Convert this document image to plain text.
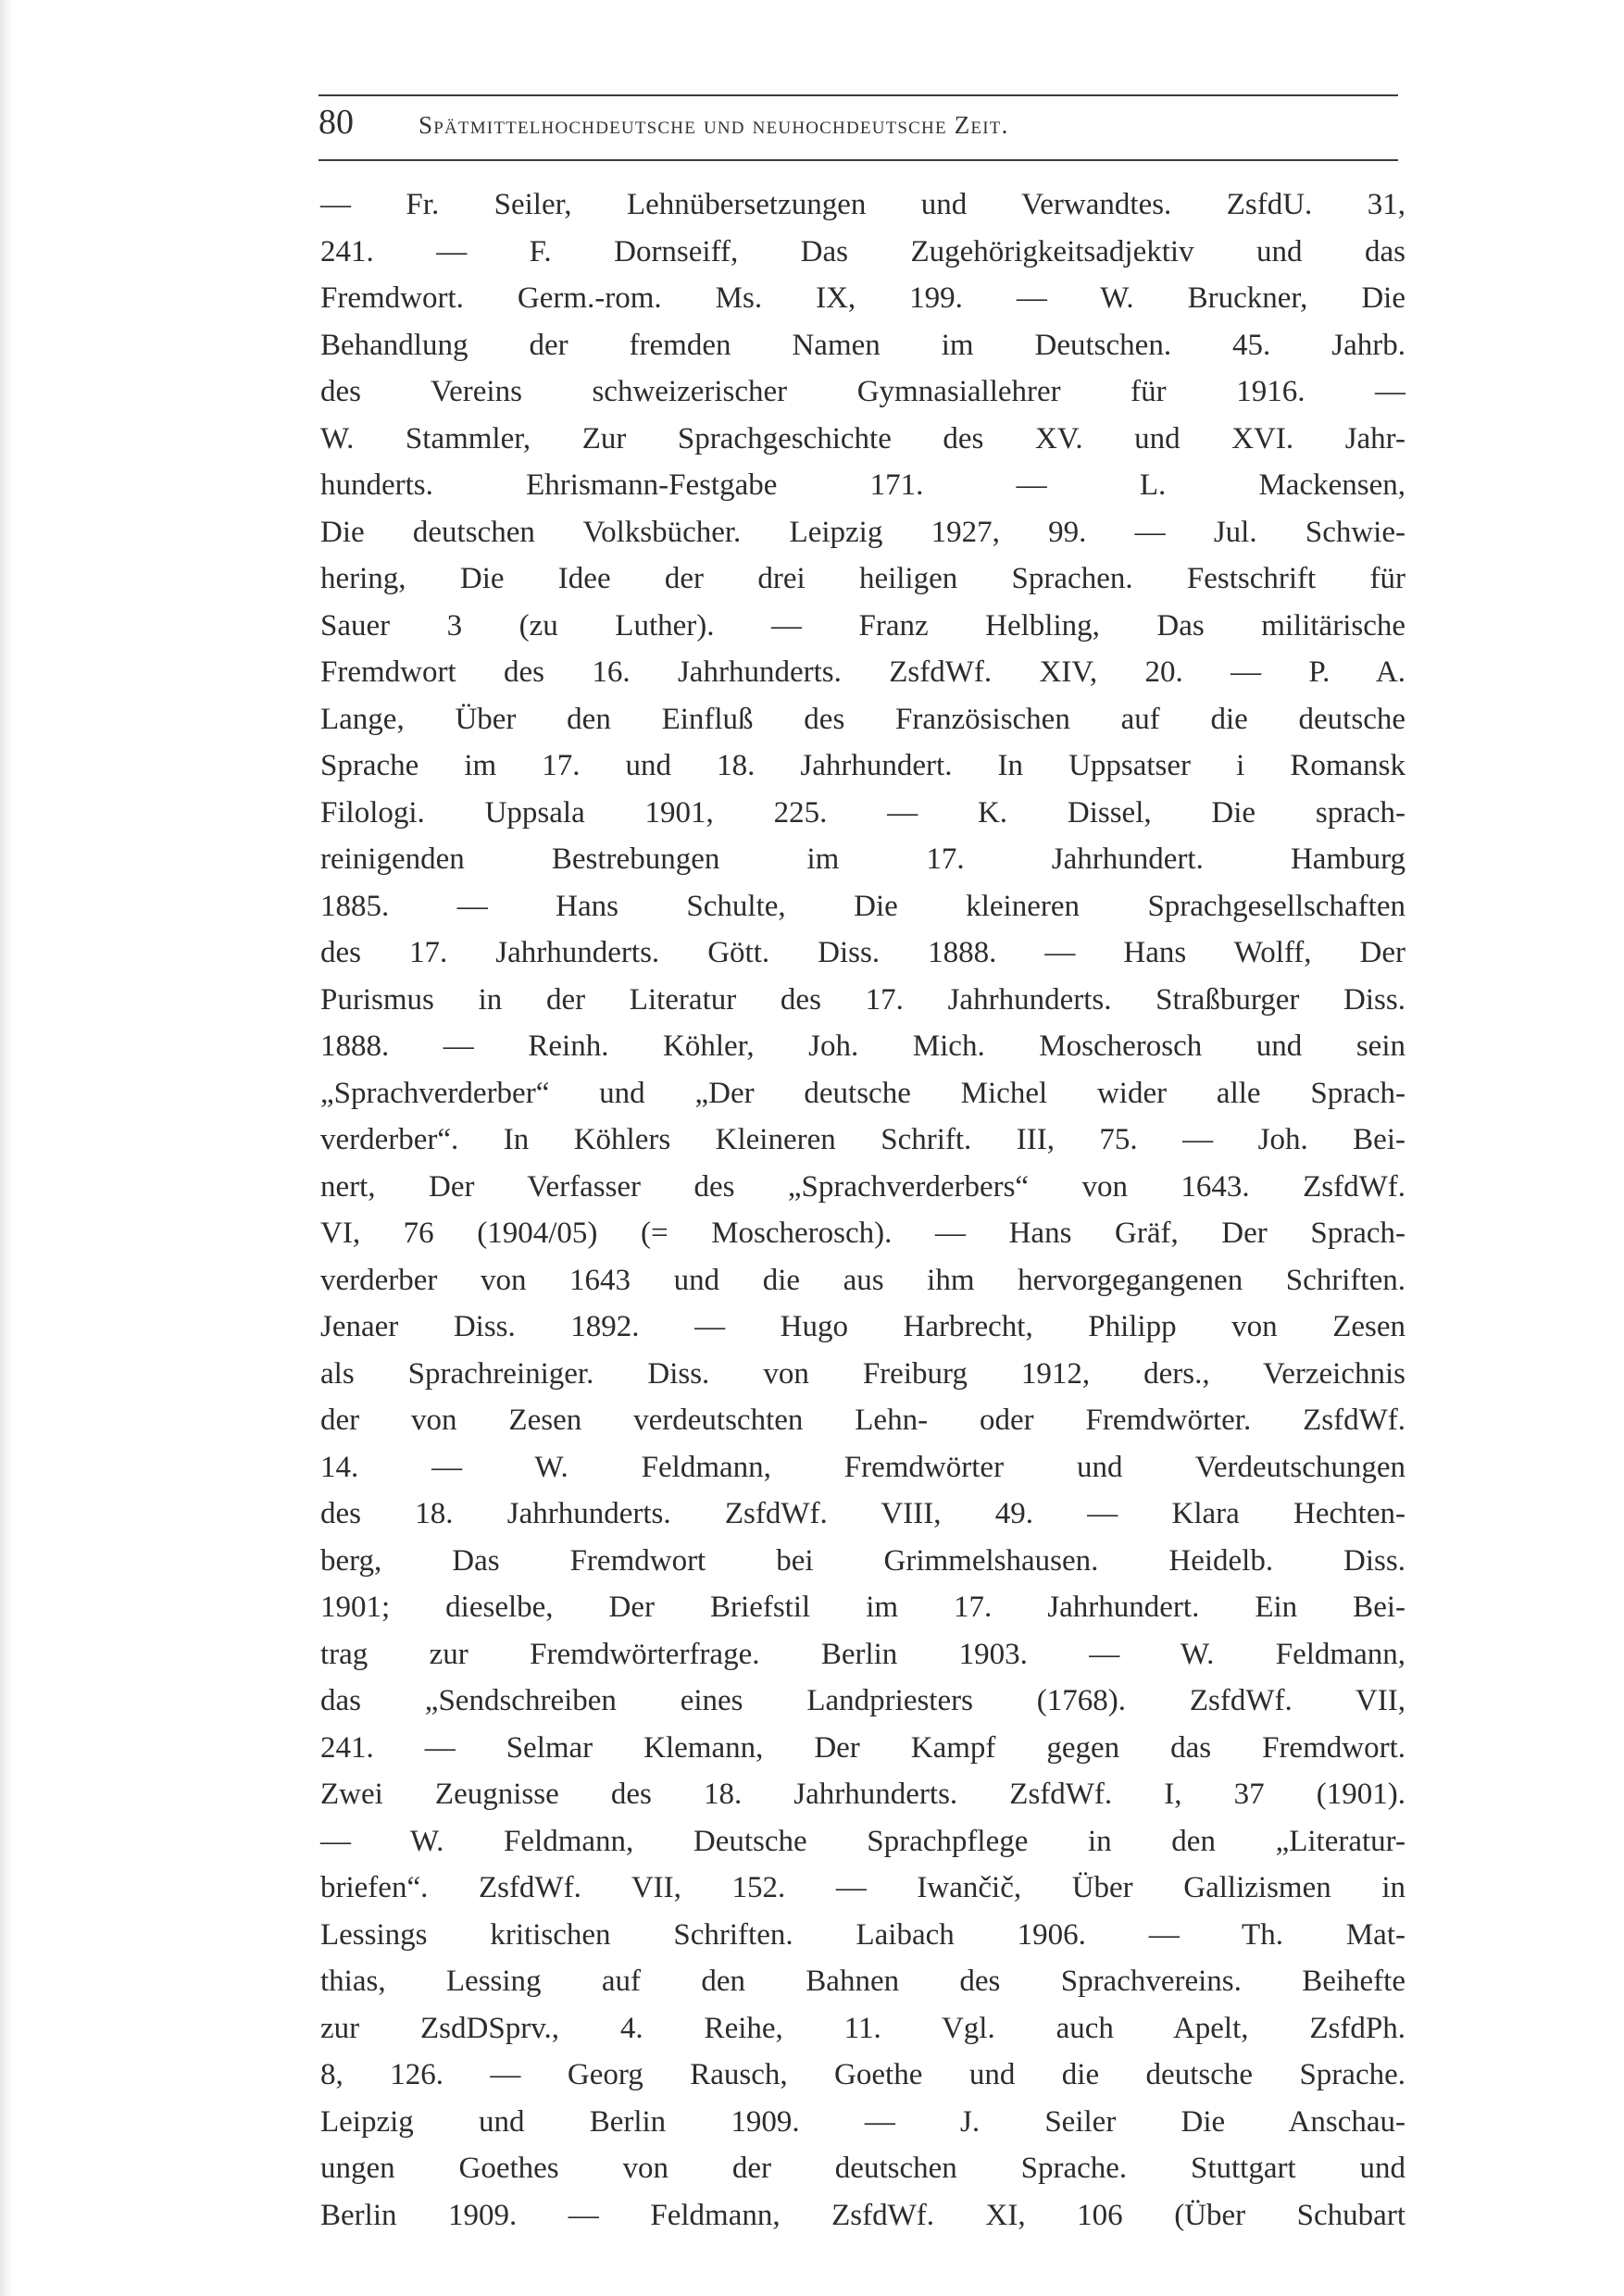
80	Spätmittelhochdeutsche und neuhochdeutsche Zeit.
— Fr. Seiler, Lehnübersetzungen und Verwandtes. ZsfdU. 31,
241. — F. Dornseiff, Das Zugehörigkeitsadjektiv und das
Fremdwort. Germ.-rom. Ms. IX, 199. — W. Bruckner, Die
Behandlung der fremden Namen im Deutschen. 45. Jahrb.
des Vereins schweizerischer Gymnasiallehrer für 1916. —
W. Stammler, Zur Sprachgeschichte des XV. und XVI. Jahr-
hunderts. Ehrismann-Festgabe 171. — L. Mackensen,
Die deutschen Volksbücher. Leipzig 1927, 99. — Jul. Schwie-
hering, Die Idee der drei heiligen Sprachen. Festschrift für
Sauer 3 (zu Luther). — Franz Helbling, Das militärische
Fremdwort des 16. Jahrhunderts. ZsfdWf. XIV, 20. — P. A.
Lange, Über den Einfluß des Französischen auf die deutsche
Sprache im 17. und 18. Jahrhundert. In Uppsatser i Romansk
Filologi. Uppsala 1901, 225. — K. Dissel, Die sprach-
reinigenden Bestrebungen im 17. Jahrhundert. Hamburg
1885. — Hans Schulte, Die kleineren Sprachgesellschaften
des 17. Jahrhunderts. Gött. Diss. 1888. — Hans Wolff, Der
Purismus in der Literatur des 17. Jahrhunderts. Straßburger Diss.
1888. — Reinh. Köhler, Joh. Mich. Moscherosch und sein
„Sprachverderber“ und „Der deutsche Michel wider alle Sprach-
verderber“. In Köhlers Kleineren Schrift. III, 75. — Joh. Bei-
nert, Der Verfasser des „Sprachverderbers“ von 1643. ZsfdWf.
VI, 76 (1904/05) (= Moscherosch). — Hans Gräf, Der Sprach-
verderber von 1643 und die aus ihm hervorgegangenen Schriften.
Jenaer Diss. 1892. — Hugo Harbrecht, Philipp von Zesen
als Sprachreiniger. Diss. von Freiburg 1912, ders., Verzeichnis
der von Zesen verdeutschten Lehn- oder Fremdwörter. ZsfdWf.
14. — W. Feldmann, Fremdwörter und Verdeutschungen
des 18. Jahrhunderts. ZsfdWf. VIII, 49. — Klara Hechten-
berg, Das Fremdwort bei Grimmelshausen. Heidelb. Diss.
1901; dieselbe, Der Briefstil im 17. Jahrhundert. Ein Bei-
trag zur Fremdwörterfrage. Berlin 1903. — W. Feldmann,
das „Sendschreiben eines Landpriesters (1768). ZsfdWf. VII,
241. — Selmar Klemann, Der Kampf gegen das Fremdwort.
Zwei Zeugnisse des 18. Jahrhunderts. ZsfdWf. I, 37 (1901).
— W. Feldmann, Deutsche Sprachpflege in den „Literatur-
briefen“. ZsfdWf. VII, 152. — Iwančič, Über Gallizismen in
Lessings kritischen Schriften. Laibach 1906. — Th. Mat-
thias, Lessing auf den Bahnen des Sprachvereins. Beihefte
zur ZsdDSprv., 4. Reihe, 11. Vgl. auch Apelt, ZsfdPh.
8, 126. — Georg Rausch, Goethe und die deutsche Sprache.
Leipzig und Berlin 1909. — J. Seiler Die Anschau-
ungen Goethes von der deutschen Sprache. Stuttgart und
Berlin 1909. — Feldmann, ZsfdWf. XI, 106 (Über Schubart
